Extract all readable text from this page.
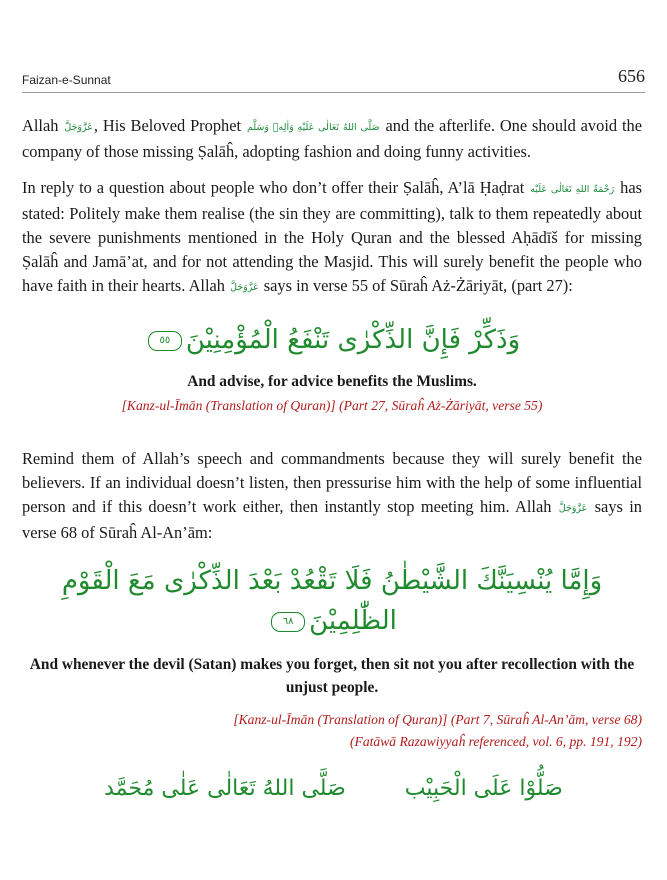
Faizan-e-Sunnat	656

Allah عَزَّوَجَلَّ, His Beloved Prophet صَلَّى اللهُ تَعَالٰى عَلَيْهِ وَاٰلِهٖ وَسَلَّم and the afterlife. One should avoid the company of those missing Ṣalāĥ, adopting fashion and doing funny activities.

In reply to a question about people who don’t offer their Ṣalāĥ, A’lā Ḥaḍrat رَحْمَةُ اللهِ تَعَالٰى عَلَيْه has stated: Politely make them realise (the sin they are committing), talk to them repeatedly about the severe punishments mentioned in the Holy Quran and the blessed Aḥādīš for missing Ṣalāĥ and Jamā’at, and for not attending the Masjid. This will surely benefit the people who have faith in their hearts. Allah عَزَّوَجَلَّ says in verse 55 of Sūraĥ Aż-Żāriyāt, (part 27):

وَذَكِّرْ فَإِنَّ الذِّكْرٰى تَنْفَعُ الْمُؤْمِنِيْنَ٥٥

And advise, for advice benefits the Muslims.

[Kanz-ul-Īmān (Translation of Quran)] (Part 27, Sūraĥ Aż-Żāriyāt, verse 55)

Remind them of Allah’s speech and commandments because they will surely benefit the believers. If an individual doesn’t listen, then pressurise him with the help of some influential person and if this doesn’t work either, then instantly stop meeting him. Allah عَزَّوَجَلَّ says in verse 68 of Sūraĥ Al-An’ām:

وَإِمَّا يُنْسِيَنَّكَ الشَّيْطٰنُ فَلَا تَقْعُدْ بَعْدَ الذِّكْرٰى مَعَ الْقَوْمِ الظّٰلِمِيْنَ٦٨

And whenever the devil (Satan) makes you forget, then sit not you after recollection with the unjust people.

[Kanz-ul-Īmān (Translation of Quran)] (Part 7, Sūraĥ Al-An’ām, verse 68)

(Fatāwā Razawiyyaĥ referenced, vol. 6, pp. 191, 192)

صَلُّوْا عَلَى الْحَبِيْب صَلَّى اللهُ تَعَالٰى عَلٰى مُحَمَّد
